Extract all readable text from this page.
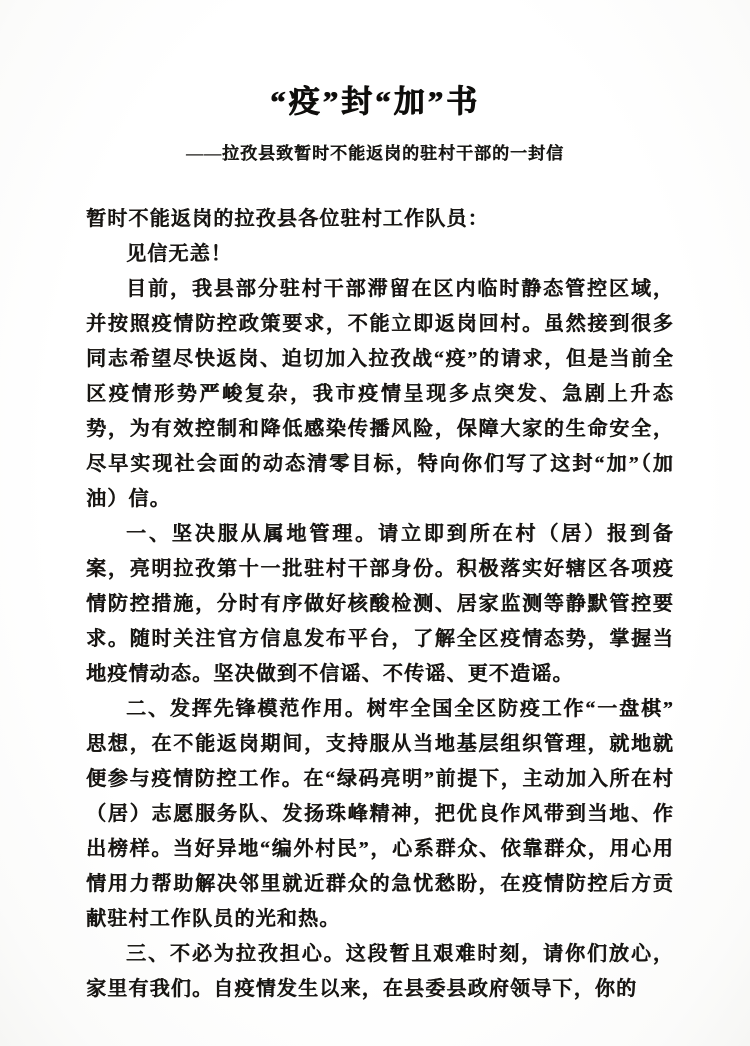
“疫”封“加”书
——拉孜县致暂时不能返岗的驻村干部的一封信

暂时不能返岗的拉孜县各位驻村工作队员：

见信无恙！

目前，我县部分驻村干部滞留在区内临时静态管控区域，并按照疫情防控政策要求，不能立即返岗回村。虽然接到很多同志希望尽快返岗、迫切加入拉孜战“疫”的请求，但是当前全区疫情形势严峻复杂，我市疫情呈现多点突发、急剧上升态势，为有效控制和降低感染传播风险，保障大家的生命安全，尽早实现社会面的动态清零目标，特向你们写了这封“加”（加油）信。

一、坚决服从属地管理。请立即到所在村（居）报到备案，亮明拉孜第十一批驻村干部身份。积极落实好辖区各项疫情防控措施，分时有序做好核酸检测、居家监测等静默管控要求。随时关注官方信息发布平台，了解全区疫情态势，掌握当地疫情动态。坚决做到不信谣、不传谣、更不造谣。

二、发挥先锋模范作用。树牢全国全区防疫工作“一盘棋”思想，在不能返岗期间，支持服从当地基层组织管理，就地就便参与疫情防控工作。在“绿码亮明”前提下，主动加入所在村（居）志愿服务队、发扬珠峰精神，把优良作风带到当地、作出榜样。当好异地“编外村民”，心系群众、依靠群众，用心用情用力帮助解决邻里就近群众的急忧愁盼，在疫情防控后方贡献驻村工作队员的光和热。

三、不必为拉孜担心。这段暂且艰难时刻，请你们放心，家里有我们。自疫情发生以来，在县委县政府领导下，你的
